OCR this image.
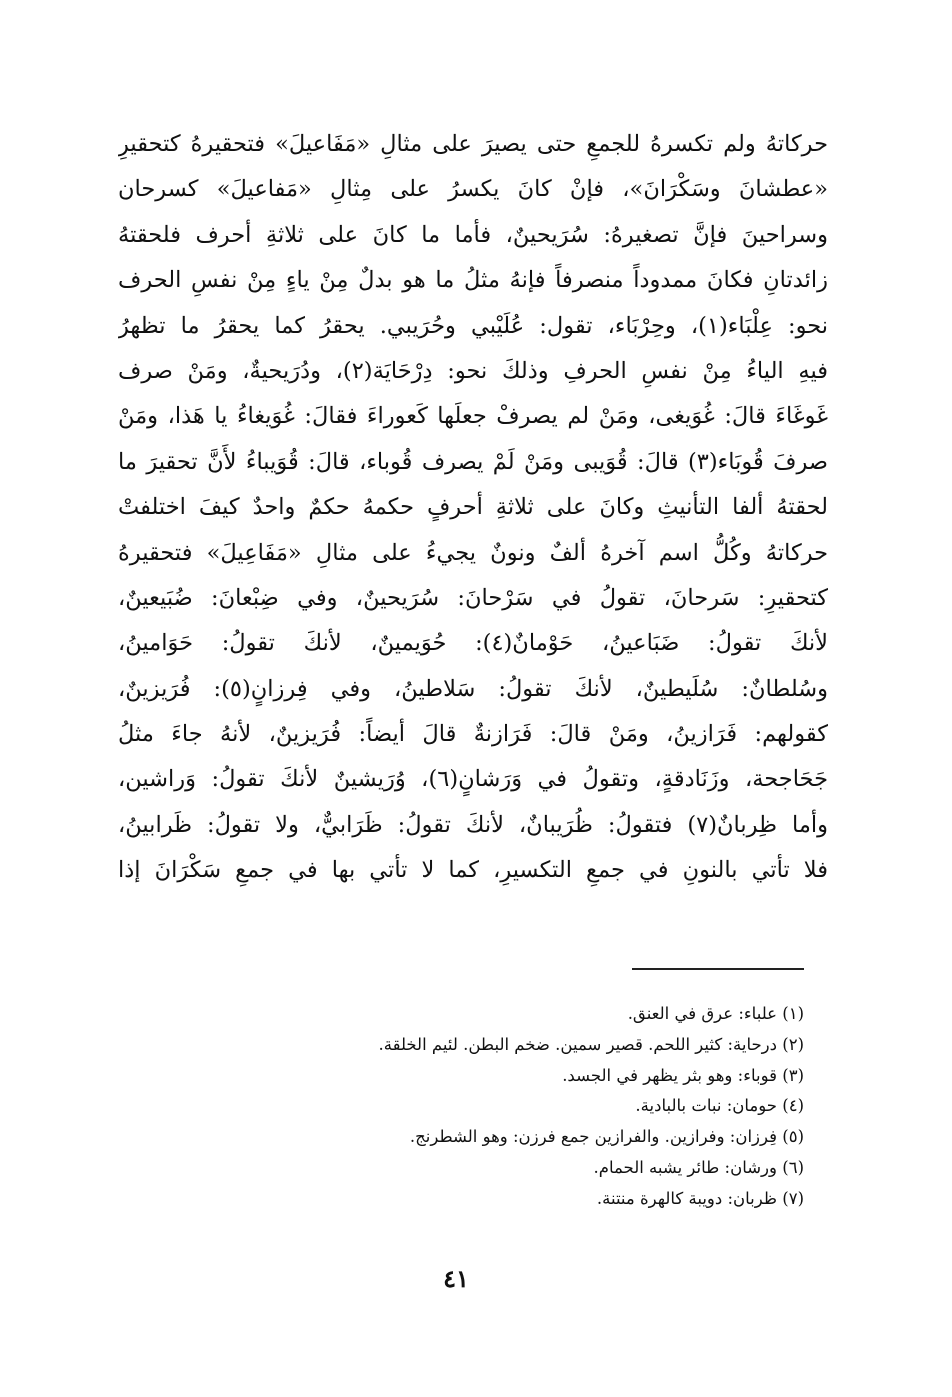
حركاتهُ ولم تكسرهُ للجمعِ حتى يصيرَ على مثالِ «مَفَاعيلَ» فتحقيرهُ كتحقيرِ
«عطشانَ وسَكْرَانَ»، فإنْ كانَ يكسرُ على مِثالِ «مَفاعيلَ» كسرحان
وسراحينَ فإنَّ تصغيرهُ: سُرَيحينٌ، فأما ما كانَ على ثلاثةِ أحرف فلحقتهُ
زائدتانِ فكانَ ممدوداً منصرفاً فإنهُ مثلُ ما هو بدلٌ مِنْ ياءٍ مِنْ نفسِ الحرف
نحو: عِلْبَاء(١)، وحِرْبَاء، تقول: عُلَيْبي وحُرَيبي. يحقرُ كما يحقرُ ما تظهرُ
فيهِ الياءُ مِنْ نفسِ الحرفِ وذلكَ نحو: دِرْحَايَة(٢)، ودُرَيحيةٌ، ومَنْ صرف
غَوغَاءَ قالَ: غُوَيغى، ومَنْ لم يصرفْ جعلَها كَعوراءَ فقالَ: غُوَيغاءُ يا هَذا، ومَنْ
صرفَ قُوبَاء(٣) قالَ: قُوَيبى ومَنْ لَمْ يصرف قُوباء، قالَ: قُوَيباءُ لأَنَّ تحقيرَ ما
لحقتهُ ألفا التأنيثِ وكانَ على ثلاثةِ أحرفٍ حكمهُ حكمٌ واحدٌ كيفَ اختلفتْ
حركاتهُ وكُلُّ اسم آخرهُ ألفٌ ونونٌ يجيءُ على مثالِ «مَفَاعِيلَ» فتحقيرهُ
كتحقيرِ: سَرحانَ، تقولُ في سَرْحانَ: سُرَيحينٌ، وفي ضِبْعانَ: ضُبَيعينٌ،
لأنكَ تقولُ: ضَبَاعينُ، حَوْمانٌ(٤): حُوَيمينٌ، لأنكَ تقولُ: حَوَامينُ،
وسُلطانٌ: سُلَيطينٌ، لأنكَ تقولُ: سَلاطينُ، وفي فِرزانٍ(٥): فُرَيزينٌ،
كقولهم: فَرَازينُ، ومَنْ قالَ: فَرَازنةٌ قالَ أيضاً: فُرَيزينٌ، لأنهُ جاءَ مثلُ
جَحَاجحة، وزَنَادقةٍ، وتقولُ في وَرَشانٍ(٦)، وُرَيشينٌ لأنكَ تقولُ: وَراشين،
وأما ظِربانٌ(٧) فتقولُ: ظُرَيبانٌ، لأنكَ تقولُ: ظَرَابيٌّ، ولا تقولُ: ظَرابينُ،
فلا تأتي بالنونِ في جمعِ التكسيرِ، كما لا تأتي بها في جمعِ سَكْرَانَ إذا
(١) علباء: عرق في العنق.
(٢) درحاية: كثير اللحم. قصير سمين. ضخم البطن. لئيم الخلقة.
(٣) قوباء: وهو بثر يظهر في الجسد.
(٤) حومان: نبات بالبادية.
(٥) فِرزان: وفرازين. والفرازين جمع فرزن: وهو الشطرنج.
(٦) ورشان: طائر يشبه الحمام.
(٧) ظربان: دويبة كالهرة منتنة.
٤١
